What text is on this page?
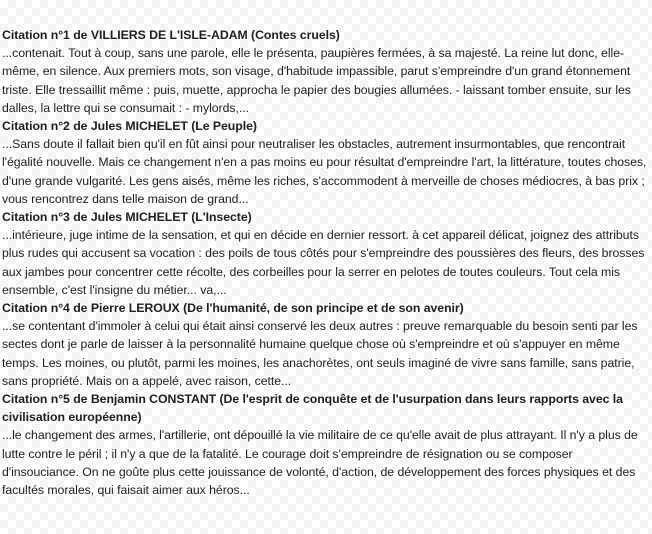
Citation n°1 de VILLIERS DE L'ISLE-ADAM (Contes cruels)
...contenait. Tout à coup, sans une parole, elle le présenta, paupières fermées, à sa majesté. La reine lut donc, elle-même, en silence. Aux premiers mots, son visage, d'habitude impassible, parut s'empreindre d'un grand étonnement triste. Elle tressaillit même : puis, muette, approcha le papier des bougies allumées. - laissant tomber ensuite, sur les dalles, la lettre qui se consumait : - mylords,...
Citation n°2 de Jules MICHELET (Le Peuple)
...Sans doute il fallait bien qu'il en fût ainsi pour neutraliser les obstacles, autrement insurmontables, que rencontrait l'égalité nouvelle. Mais ce changement n'en a pas moins eu pour résultat d'empreindre l'art, la littérature, toutes choses, d'une grande vulgarité. Les gens aisés, même les riches, s'accommodent à merveille de choses médiocres, à bas prix ; vous rencontrez dans telle maison de grand...
Citation n°3 de Jules MICHELET (L'Insecte)
...intérieure, juge intime de la sensation, et qui en décide en dernier ressort. à cet appareil délicat, joignez des attributs plus rudes qui accusent sa vocation : des poils de tous côtés pour s'empreindre des poussières des fleurs, des brosses aux jambes pour concentrer cette récolte, des corbeilles pour la serrer en pelotes de toutes couleurs. Tout cela mis ensemble, c'est l'insigne du métier... va,...
Citation n°4 de Pierre LEROUX (De l'humanité, de son principe et de son avenir)
...se contentant d'immoler à celui qui était ainsi conservé les deux autres : preuve remarquable du besoin senti par les sectes dont je parle de laisser à la personnalité humaine quelque chose où s'empreindre et où s'appuyer en même temps. Les moines, ou plutôt, parmi les moines, les anachorètes, ont seuls imaginé de vivre sans famille, sans patrie, sans propriété. Mais on a appelé, avec raison, cette...
Citation n°5 de Benjamin CONSTANT (De l'esprit de conquête et de l'usurpation dans leurs rapports avec la civilisation européenne)
...le changement des armes, l'artillerie, ont dépouillé la vie militaire de ce qu'elle avait de plus attrayant. Il n'y a plus de lutte contre le péril ; il n'y a que de la fatalité. Le courage doit s'empreindre de résignation ou se composer d'insouciance. On ne goûte plus cette jouissance de volonté, d'action, de développement des forces physiques et des facultés morales, qui faisait aimer aux héros...
